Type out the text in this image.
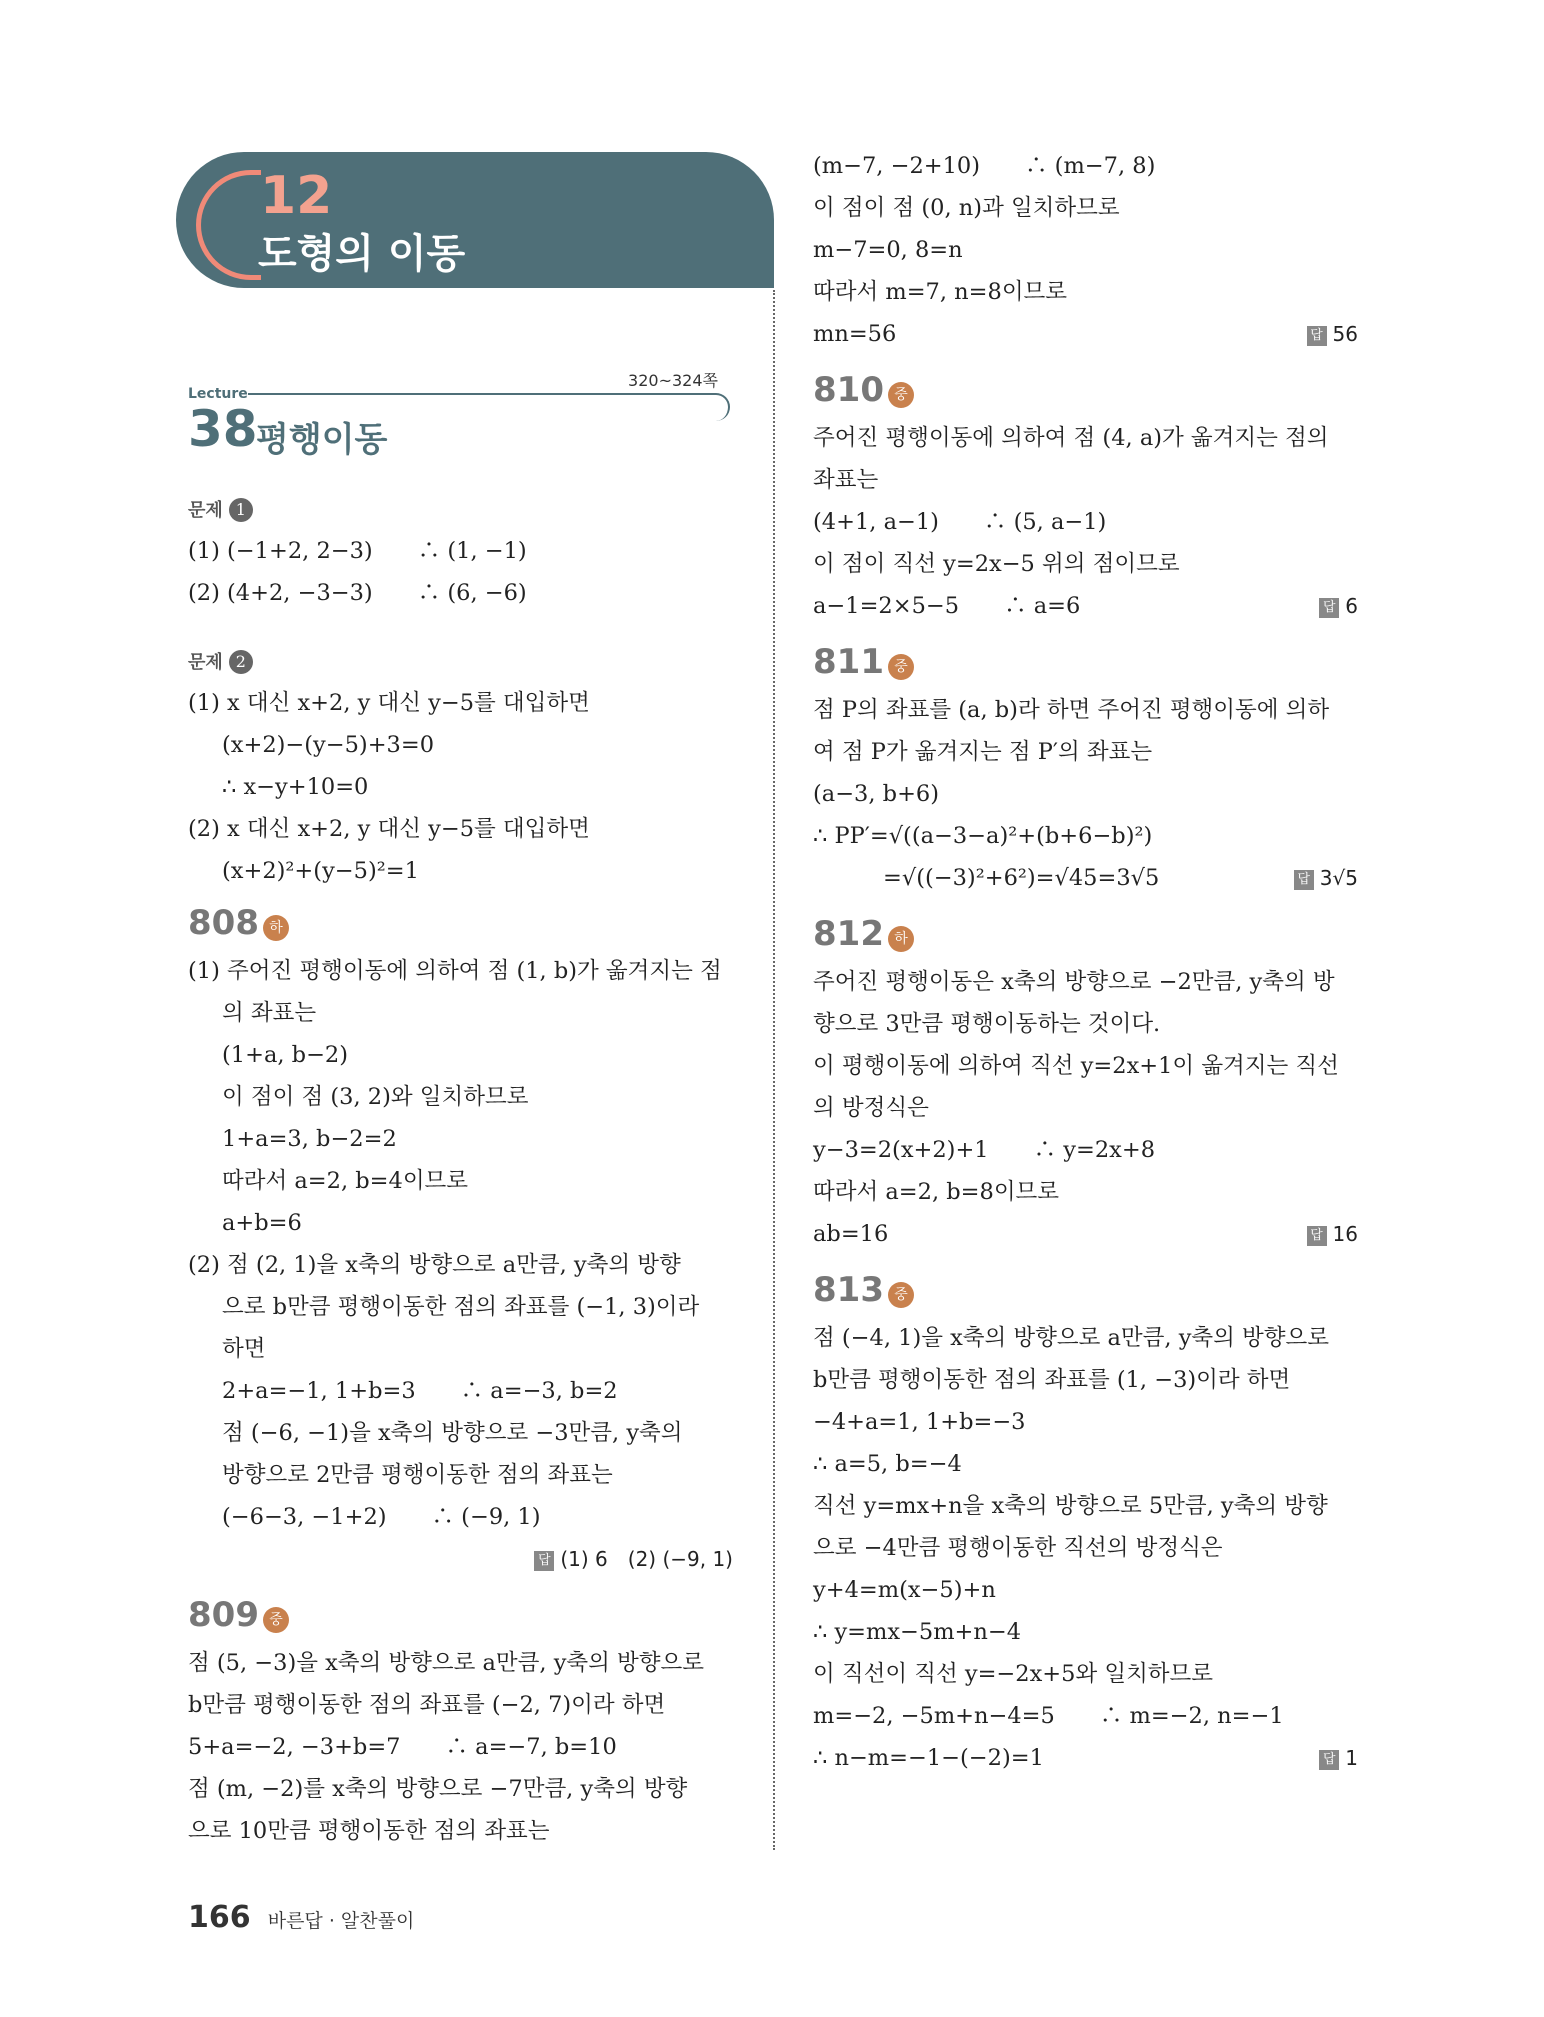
12
도형의 이동
Lecture
320~324쪽
38
평행이동
문제 1
(1) (−1+2, 2−3)　　∴ (1, −1)
(2) (4+2, −3−3)　　∴ (6, −6)
문제 2
(1) x 대신 x+2, y 대신 y−5를 대입하면
(x+2)−(y−5)+3=0
∴ x−y+10=0
(2) x 대신 x+2, y 대신 y−5를 대입하면
(x+2)²+(y−5)²=1
808 하
(1) 주어진 평행이동에 의하여 점 (1, b)가 옮겨지는 점
의 좌표는
(1+a, b−2)
이 점이 점 (3, 2)와 일치하므로
1+a=3, b−2=2
따라서 a=2, b=4이므로
a+b=6
(2) 점 (2, 1)을 x축의 방향으로 a만큼, y축의 방향
으로 b만큼 평행이동한 점의 좌표를 (−1, 3)이라
하면
2+a=−1, 1+b=3　　∴ a=−3, b=2
점 (−6, −1)을 x축의 방향으로 −3만큼, y축의
방향으로 2만큼 평행이동한 점의 좌표는
(−6−3, −1+2)　　∴ (−9, 1)
답 (1) 6　(2) (−9, 1)
809 중
점 (5, −3)을 x축의 방향으로 a만큼, y축의 방향으로
b만큼 평행이동한 점의 좌표를 (−2, 7)이라 하면
5+a=−2, −3+b=7　　∴ a=−7, b=10
점 (m, −2)를 x축의 방향으로 −7만큼, y축의 방향
으로 10만큼 평행이동한 점의 좌표는
(m−7, −2+10)　　∴ (m−7, 8)
이 점이 점 (0, n)과 일치하므로
m−7=0, 8=n
따라서 m=7, n=8이므로
mn=56	답 56
810 중
주어진 평행이동에 의하여 점 (4, a)가 옮겨지는 점의
좌표는
(4+1, a−1)　　∴ (5, a−1)
이 점이 직선 y=2x−5 위의 점이므로
a−1=2×5−5　　∴ a=6	답 6
811 중
점 P의 좌표를 (a, b)라 하면 주어진 평행이동에 의하
여 점 P가 옮겨지는 점 P′의 좌표는
(a−3, b+6)
∴ PP′=√((a−3−a)²+(b+6−b)²)
=√((−3)²+6²)=√45=3√5	답 3√5
812 하
주어진 평행이동은 x축의 방향으로 −2만큼, y축의 방
향으로 3만큼 평행이동하는 것이다.
이 평행이동에 의하여 직선 y=2x+1이 옮겨지는 직선
의 방정식은
y−3=2(x+2)+1　　∴ y=2x+8
따라서 a=2, b=8이므로
ab=16	답 16
813 중
점 (−4, 1)을 x축의 방향으로 a만큼, y축의 방향으로
b만큼 평행이동한 점의 좌표를 (1, −3)이라 하면
−4+a=1, 1+b=−3
∴ a=5, b=−4
직선 y=mx+n을 x축의 방향으로 5만큼, y축의 방향
으로 −4만큼 평행이동한 직선의 방정식은
y+4=m(x−5)+n
∴ y=mx−5m+n−4
이 직선이 직선 y=−2x+5와 일치하므로
m=−2, −5m+n−4=5　　∴ m=−2, n=−1
∴ n−m=−1−(−2)=1	답 1
166 바른답 · 알찬풀이
